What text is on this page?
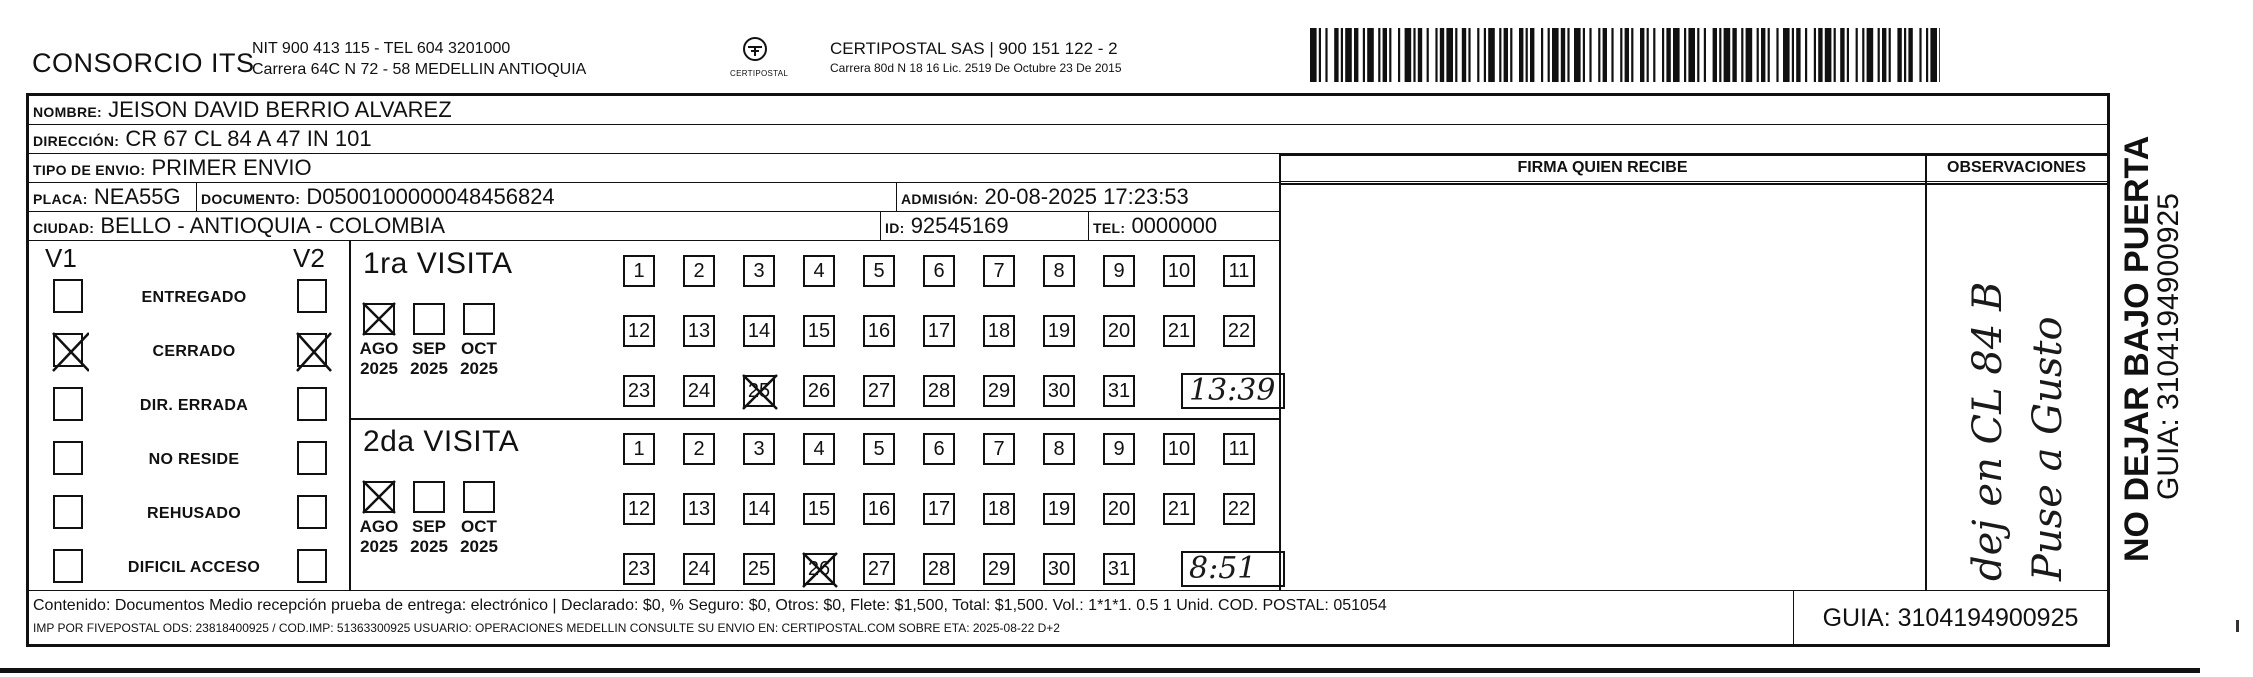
CONSORCIO ITS
NIT 900 413 115 - TEL 604 3201000
Carrera 64C N 72 - 58 MEDELLIN ANTIOQUIA	CERTIPOSTAL
CERTIPOSTAL SAS | 900 151 122 - 2
Carrera 80d N 18 16 Lic. 2519 De Octubre 23 De 2015
NOMBRE: JEISON DAVID BERRIO ALVAREZ
DIRECCIÓN: CR 67 CL 84 A 47 IN 101
TIPO DE ENVIO: PRIMER ENVIO
PLACA: NEA55G	DOCUMENTO: D0500100000048456824	ADMISIÓN: 20-08-2025 17:23:53
CIUDAD: BELLO - ANTIOQUIA - COLOMBIA	ID: 92545169	TEL: 0000000
FIRMA QUIEN RECIBE	OBSERVACIONES
dej en CL 84 B Puse a Gusto
V1	V2
ENTREGADO
CERRADO
DIR. ERRADA
NO RESIDE
REHUSADO
DIFICIL ACCESO
1ra VISITA
AGO
2025
SEP
2025
OCT
2025
1	2	3	4	5	6	7	8	9	10 11
12 13 14 15 16 17 18 19 20 21 22
23 24 25 26 27 28 29 30 31 13:39
2da VISITA
AGO
2025
SEP
2025
OCT
2025
1	2	3	4	5	6	7	8	9	10 11
12 13 14 15 16 17 18 19 20 21 22
23 24 25 26 27 28 29 30 31 8:51
Contenido: Documentos Medio recepción prueba de entrega: electrónico | Declarado: $0, % Seguro: $0, Otros: $0, Flete: $1,500, Total: $1,500. Vol.: 1*1*1. 0.5 1 Unid. COD. POSTAL: 051054
IMP POR FIVEPOSTAL ODS: 23818400925 / COD.IMP: 51363300925 USUARIO: OPERACIONES MEDELLIN CONSULTE SU ENVIO EN: CERTIPOSTAL.COM SOBRE ETA: 2025-08-22 D+2	GUIA: 3104194900925
NO DEJAR BAJO PUERTA
GUIA: 3104194900925
